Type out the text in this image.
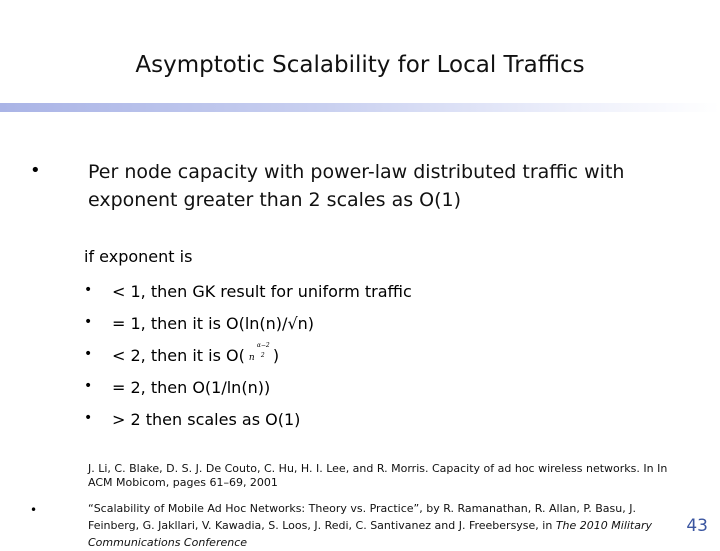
Asymptotic Scalability for Local Traffics
• Per node capacity with power-law distributed traffic with exponent greater than 2 scales as O(1)
if exponent is
• < 1, then GK result for uniform traffic
• = 1, then it is O(ln(n)/√n)
• < 2, then it is O(
α−2
n 2 )
• = 2, then O(1/ln(n))
• > 2 then scales as O(1)
J. Li, C. Blake, D. S. J. De Couto, C. Hu, H. I. Lee, and R. Morris. Capacity of ad hoc wireless networks. In In ACM Mobicom, pages 61–69, 2001
•	“Scalability of Mobile Ad Hoc Networks: Theory vs. Practice”, by R. Ramanathan, R. Allan, P. Basu, J. Feinberg, G. Jakllari, V. Kawadia, S. Loos, J. Redi, C. Santivanez and J. Freebersyse, in The 2010 Military Communications Conference
43
